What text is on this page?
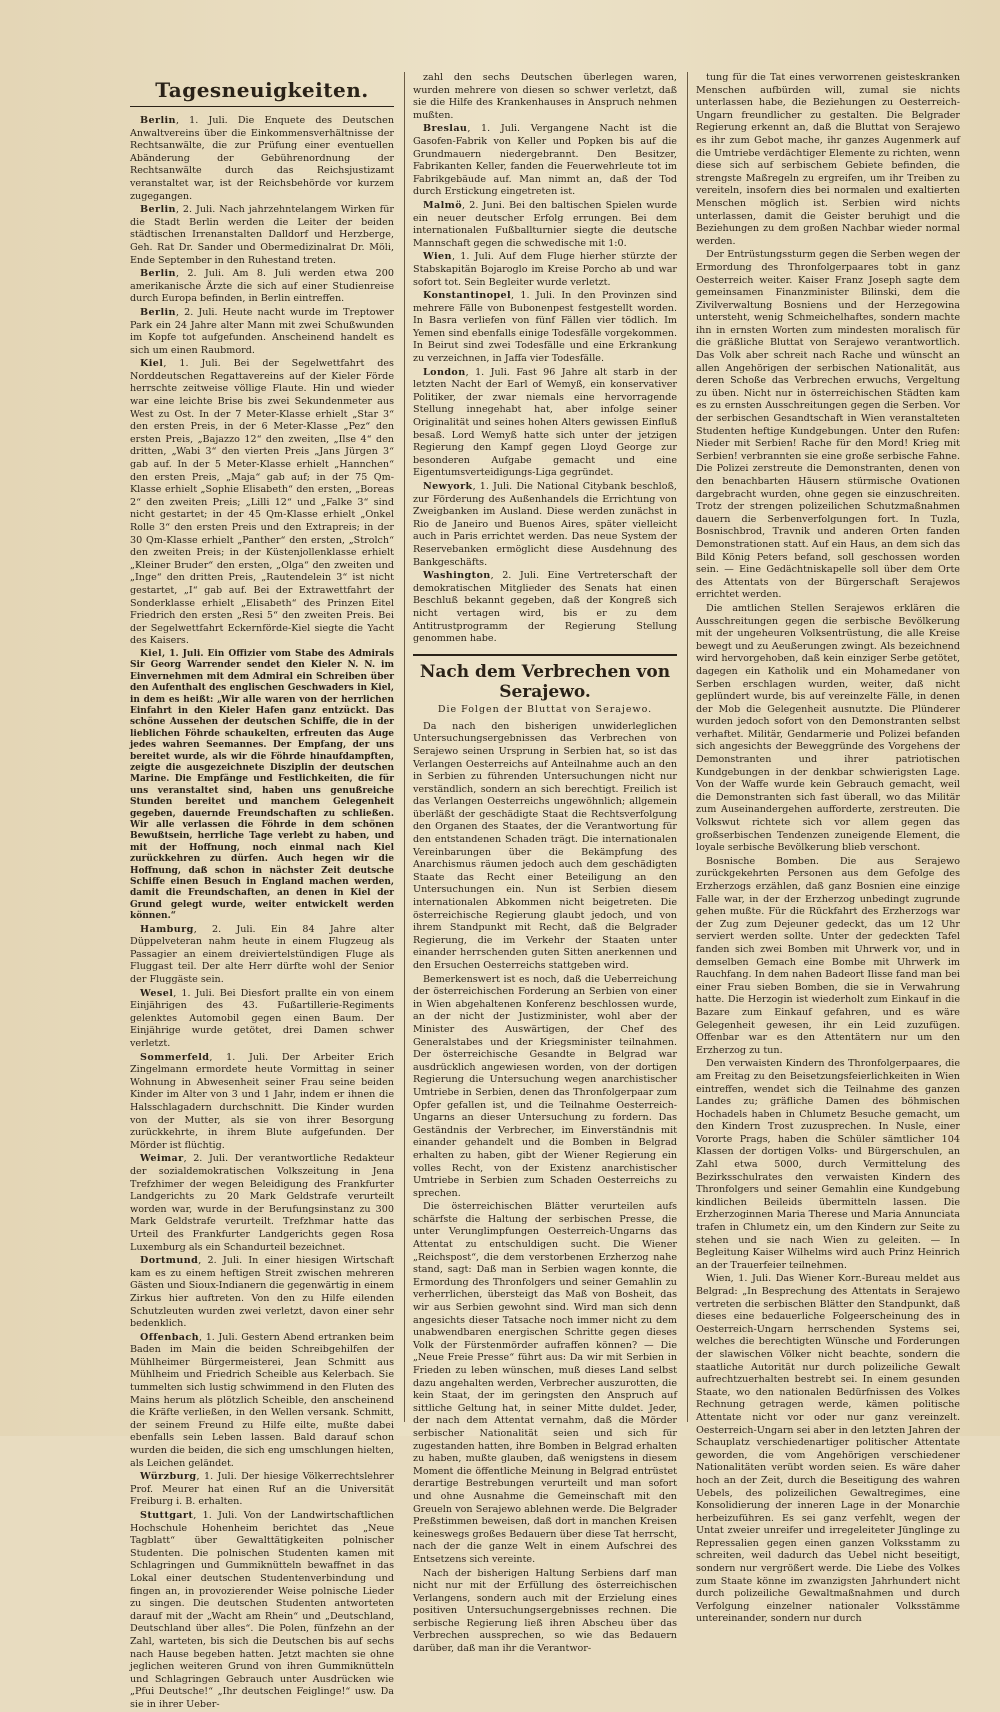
Tagesneuigkeiten.

Berlin, 1. Juli. Die Enquete des Deutschen Anwaltvereins über die Einkommensverhältnisse der Rechtsanwälte, die zur Prüfung einer eventuellen Abänderung der Gebührenordnung der Rechtsanwälte durch das Reichsjustizamt veranstaltet war, ist der Reichsbehörde vor kurzem zugegangen.

Berlin, 2. Juli. Nach jahrzehntelangem Wirken für die Stadt Berlin werden die Leiter der beiden städtischen Irrenanstalten Dalldorf und Herzberge, Geh. Rat Dr. Sander und Obermedizinalrat Dr. Möli, Ende September in den Ruhestand treten.

Berlin, 2. Juli. Am 8. Juli werden etwa 200 amerikanische Ärzte die sich auf einer Studienreise durch Europa befinden, in Berlin eintreffen.

Berlin, 2. Juli. Heute nacht wurde im Treptower Park ein 24 Jahre alter Mann mit zwei Schußwunden im Kopfe tot aufgefunden. Anscheinend handelt es sich um einen Raubmord.

Kiel, 1. Juli. Bei der Segelwettfahrt des Norddeutschen Regattavereins auf der Kieler Förde herrschte zeitweise völlige Flaute. Hin und wieder war eine leichte Brise bis zwei Sekundenmeter aus West zu Ost. In der 7 Meter-Klasse erhielt „Star 3“ den ersten Preis, in der 6 Meter-Klasse „Pez“ den ersten Preis, „Bajazzo 12“ den zweiten, „Ilse 4“ den dritten, „Wabi 3“ den vierten Preis „Jans Jürgen 3“ gab auf. In der 5 Meter-Klasse erhielt „Hannchen“ den ersten Preis, „Maja“ gab auf; in der 75 Qm-Klasse erhielt „Sophie Elisabeth“ den ersten, „Boreas 2“ den zweiten Preis; „Lilli 12“ und „Falke 3“ sind nicht gestartet; in der 45 Qm-Klasse erhielt „Onkel Rolle 3“ den ersten Preis und den Extrapreis; in der 30 Qm-Klasse erhielt „Panther“ den ersten, „Strolch“ den zweiten Preis; in der Küstenjollenklasse erhielt „Kleiner Bruder“ den ersten, „Olga“ den zweiten und „Inge“ den dritten Preis, „Rautendelein 3“ ist nicht gestartet, „I“ gab auf. Bei der Extrawettfahrt der Sonderklasse erhielt „Elisabeth“ des Prinzen Eitel Friedrich den ersten „Resi 5“ den zweiten Preis. Bei der Segelwettfahrt Eckernförde-Kiel siegte die Yacht des Kaisers.

Kiel, 1. Juli. Ein Offizier vom Stabe des Admirals Sir Georg Warrender sendet den Kieler N. N. im Einvernehmen mit dem Admiral ein Schreiben über den Aufenthalt des englischen Geschwaders in Kiel, in dem es heißt: „Wir alle waren von der herrlichen Einfahrt in den Kieler Hafen ganz entzückt. Das schöne Aussehen der deutschen Schiffe, die in der lieblichen Föhrde schaukelten, erfreuten das Auge jedes wahren Seemannes. Der Empfang, der uns bereitet wurde, als wir die Föhrde hinaufdampften, zeigte die ausgezeichnete Disziplin der deutschen Marine. Die Empfänge und Festlichkeiten, die für uns veranstaltet sind, haben uns genußreiche Stunden bereitet und manchem Gelegenheit gegeben, dauernde Freundschaften zu schließen. Wir alle verlassen die Föhrde in dem schönen Bewußtsein, herrliche Tage verlebt zu haben, und mit der Hoffnung, noch einmal nach Kiel zurückkehren zu dürfen. Auch hegen wir die Hoffnung, daß schon in nächster Zeit deutsche Schiffe einen Besuch in England machen werden, damit die Freundschaften, an denen in Kiel der Grund gelegt wurde, weiter entwickelt werden können.“

Hamburg, 2. Juli. Ein 84 Jahre alter Düppelveteran nahm heute in einem Flugzeug als Passagier an einem dreiviertelstündigen Fluge als Fluggast teil. Der alte Herr dürfte wohl der Senior der Fluggäste sein.

Wesel, 1. Juli. Bei Diesfort prallte ein von einem Einjährigen des 43. Fußartillerie-Regiments gelenktes Automobil gegen einen Baum. Der Einjährige wurde getötet, drei Damen schwer verletzt.

Sommerfeld, 1. Juli. Der Arbeiter Erich Zingelmann ermordete heute Vormittag in seiner Wohnung in Abwesenheit seiner Frau seine beiden Kinder im Alter von 3 und 1 Jahr, indem er ihnen die Halsschlagadern durchschnitt. Die Kinder wurden von der Mutter, als sie von ihrer Besorgung zurückkehrte, in ihrem Blute aufgefunden. Der Mörder ist flüchtig.

Weimar, 2. Juli. Der verantwortliche Redakteur der sozialdemokratischen Volkszeitung in Jena Trefzhimer der wegen Beleidigung des Frankfurter Landgerichts zu 20 Mark Geldstrafe verurteilt worden war, wurde in der Berufungsinstanz zu 300 Mark Geldstrafe verurteilt. Trefzhmar hatte das Urteil des Frankfurter Landgerichts gegen Rosa Luxemburg als ein Schandurteil bezeichnet.

Dortmund, 2. Juli. In einer hiesigen Wirtschaft kam es zu einem heftigen Streit zwischen mehreren Gästen und Sioux-Indianern die gegenwärtig in einem Zirkus hier auftreten. Von den zu Hilfe eilenden Schutzleuten wurden zwei verletzt, davon einer sehr bedenklich.

Offenbach, 1. Juli. Gestern Abend ertranken beim Baden im Main die beiden Schreibgehilfen der Mühlheimer Bürgermeisterei, Jean Schmitt aus Mühlheim und Friedrich Scheible aus Kelerbach. Sie tummelten sich lustig schwimmend in den Fluten des Mains herum als plötzlich Scheible, den anscheinend die Kräfte verließen, in den Wellen versank. Schmitt, der seinem Freund zu Hilfe eilte, mußte dabei ebenfalls sein Leben lassen. Bald darauf schon wurden die beiden, die sich eng umschlungen hielten, als Leichen geländet.

Würzburg, 1. Juli. Der hiesige Völkerrechtslehrer Prof. Meurer hat einen Ruf an die Universität Freiburg i. B. erhalten.

Stuttgart, 1. Juli. Von der Landwirtschaftlichen Hochschule Hohenheim berichtet das „Neue Tagblatt“ über Gewalttätigkeiten polnischer Studenten. Die polnischen Studenten kamen mit Schlagringen und Gummiknütteln bewaffnet in das Lokal einer deutschen Studentenverbindung und fingen an, in provozierender Weise polnische Lieder zu singen. Die deutschen Studenten antworteten darauf mit der „Wacht am Rhein“ und „Deutschland, Deutschland über alles“. Die Polen, fünfzehn an der Zahl, warteten, bis sich die Deutschen bis auf sechs nach Hause begeben hatten. Jetzt machten sie ohne jeglichen weiteren Grund von ihren Gummiknütteln und Schlagringen Gebrauch unter Ausdrücken wie „Pfui Deutsche!“ „Ihr deutschen Feiglinge!“ usw. Da sie in ihrer Ueber-

zahl den sechs Deutschen überlegen waren, wurden mehrere von diesen so schwer verletzt, daß sie die Hilfe des Krankenhauses in Anspruch nehmen mußten.

Breslau, 1. Juli. Vergangene Nacht ist die Gasofen-Fabrik von Keller und Popken bis auf die Grundmauern niedergebrannt. Den Besitzer, Fabrikanten Keller, fanden die Feuerwehrleute tot im Fabrikgebäude auf. Man nimmt an, daß der Tod durch Erstickung eingetreten ist.

Malmö, 2. Juni. Bei den baltischen Spielen wurde ein neuer deutscher Erfolg errungen. Bei dem internationalen Fußballturnier siegte die deutsche Mannschaft gegen die schwedische mit 1:0.

Wien, 1. Juli. Auf dem Fluge hierher stürzte der Stabskapitän Bojaroglo im Kreise Porcho ab und war sofort tot. Sein Begleiter wurde verletzt.

Konstantinopel, 1. Juli. In den Provinzen sind mehrere Fälle von Bubonenpest festgestellt worden. In Basra verliefen von fünf Fällen vier tödlich. Im Yemen sind ebenfalls einige Todesfälle vorgekommen. In Beirut sind zwei Todesfälle und eine Erkrankung zu verzeichnen, in Jaffa vier Todesfälle.

London, 1. Juli. Fast 96 Jahre alt starb in der letzten Nacht der Earl of Wemyß, ein konservativer Politiker, der zwar niemals eine hervorragende Stellung innegehabt hat, aber infolge seiner Originalität und seines hohen Alters gewissen Einfluß besaß. Lord Wemyß hatte sich unter der jetzigen Regierung den Kampf gegen Lloyd George zur besonderen Aufgabe gemacht und eine Eigentumsverteidigungs-Liga gegründet.

Newyork, 1. Juli. Die National Citybank beschloß, zur Förderung des Außenhandels die Errichtung von Zweigbanken im Ausland. Diese werden zunächst in Rio de Janeiro und Buenos Aires, später vielleicht auch in Paris errichtet werden. Das neue System der Reservebanken ermöglicht diese Ausdehnung des Bankgeschäfts.

Washington, 2. Juli. Eine Vertreterschaft der demokratischen Mitglieder des Senats hat einen Beschluß bekannt gegeben, daß der Kongreß sich nicht vertagen wird, bis er zu dem Antitrustprogramm der Regierung Stellung genommen habe.

Nach dem Verbrechen von Serajewo.
Die Folgen der Bluttat von Serajewo.

Da nach den bisherigen unwiderleglichen Untersuchungsergebnissen das Verbrechen von Serajewo seinen Ursprung in Serbien hat, so ist das Verlangen Oesterreichs auf Anteilnahme auch an den in Serbien zu führenden Untersuchungen nicht nur verständlich, sondern an sich berechtigt. Freilich ist das Verlangen Oesterreichs ungewöhnlich; allgemein überläßt der geschädigte Staat die Rechtsverfolgung den Organen des Staates, der die Verantwortung für den entstandenen Schaden trägt. Die internationalen Vereinbarungen über die Bekämpfung des Anarchismus räumen jedoch auch dem geschädigten Staate das Recht einer Beteiligung an den Untersuchungen ein. Nun ist Serbien diesem internationalen Abkommen nicht beigetreten. Die österreichische Regierung glaubt jedoch, und von ihrem Standpunkt mit Recht, daß die Belgrader Regierung, die im Verkehr der Staaten unter einander herrschenden guten Sitten anerkennen und den Ersuchen Oesterreichs stattgeben wird.

Bemerkenswert ist es noch, daß die Ueberreichung der österreichischen Forderung an Serbien von einer in Wien abgehaltenen Konferenz beschlossen wurde, an der nicht der Justizminister, wohl aber der Minister des Auswärtigen, der Chef des Generalstabes und der Kriegsminister teilnahmen. Der österreichische Gesandte in Belgrad war ausdrücklich angewiesen worden, von der dortigen Regierung die Untersuchung wegen anarchistischer Umtriebe in Serbien, denen das Thronfolgerpaar zum Opfer gefallen ist, und die Teilnahme Oesterreich-Ungarns an dieser Untersuchung zu fordern. Das Geständnis der Verbrecher, im Einverständnis mit einander gehandelt und die Bomben in Belgrad erhalten zu haben, gibt der Wiener Regierung ein volles Recht, von der Existenz anarchistischer Umtriebe in Serbien zum Schaden Oesterreichs zu sprechen.

Die österreichischen Blätter verurteilen aufs schärfste die Haltung der serbischen Presse, die unter Verunglimpfungen Oesterreich-Ungarns das Attentat zu entschuldigen sucht. Die Wiener „Reichspost“, die dem verstorbenen Erzherzog nahe stand, sagt: Daß man in Serbien wagen konnte, die Ermordung des Thronfolgers und seiner Gemahlin zu verherrlichen, übersteigt das Maß von Bosheit, das wir aus Serbien gewohnt sind. Wird man sich denn angesichts dieser Tatsache noch immer nicht zu dem unabwendbaren energischen Schritte gegen dieses Volk der Fürstenmörder aufraffen können? — Die „Neue Freie Presse“ führt aus: Da wir mit Serbien in Frieden zu leben wünschen, muß dieses Land selbst dazu angehalten werden, Verbrecher auszurotten, die kein Staat, der im geringsten den Anspruch auf sittliche Geltung hat, in seiner Mitte duldet. Jeder, der nach dem Attentat vernahm, daß die Mörder serbischer Nationalität seien und sich für zugestanden hatten, ihre Bomben in Belgrad erhalten zu haben, mußte glauben, daß wenigstens in diesem Moment die öffentliche Meinung in Belgrad entrüstet derartige Bestrebungen verurteilt und man sofort und ohne Ausnahme die Gemeinschaft mit den Greueln von Serajewo ablehnen werde. Die Belgrader Preßstimmen beweisen, daß dort in manchen Kreisen keineswegs großes Bedauern über diese Tat herrscht, nach der die ganze Welt in einem Aufschrei des Entsetzens sich vereinte.

Nach der bisherigen Haltung Serbiens darf man nicht nur mit der Erfüllung des österreichischen Verlangens, sondern auch mit der Erzielung eines positiven Untersuchungsergebnisses rechnen. Die serbische Regierung ließ ihren Abscheu über das Verbrechen aussprechen, so wie das Bedauern darüber, daß man ihr die Verantwor-

tung für die Tat eines verworrenen geisteskranken Menschen aufbürden will, zumal sie nichts unterlassen habe, die Beziehungen zu Oesterreich-Ungarn freundlicher zu gestalten. Die Belgrader Regierung erkennt an, daß die Bluttat von Serajewo es ihr zum Gebot mache, ihr ganzes Augenmerk auf die Umtriebe verdächtiger Elemente zu richten, wenn diese sich auf serbischem Gebiete befinden, die strengste Maßregeln zu ergreifen, um ihr Treiben zu vereiteln, insofern dies bei normalen und exaltierten Menschen möglich ist. Serbien wird nichts unterlassen, damit die Geister beruhigt und die Beziehungen zu dem großen Nachbar wieder normal werden.

Der Entrüstungssturm gegen die Serben wegen der Ermordung des Thronfolgerpaares tobt in ganz Oesterreich weiter. Kaiser Franz Joseph sagte dem gemeinsamen Finanzminister Bilinski, dem die Zivilverwaltung Bosniens und der Herzegowina untersteht, wenig Schmeichelhaftes, sondern machte ihn in ernsten Worten zum mindesten moralisch für die gräßliche Bluttat von Serajewo verantwortlich. Das Volk aber schreit nach Rache und wünscht an allen Angehörigen der serbischen Nationalität, aus deren Schoße das Verbrechen erwuchs, Vergeltung zu üben. Nicht nur in österreichischen Städten kam es zu ernsten Ausschreitungen gegen die Serben. Vor der serbischen Gesandtschaft in Wien veranstalteten Studenten heftige Kundgebungen. Unter den Rufen: Nieder mit Serbien! Rache für den Mord! Krieg mit Serbien! verbrannten sie eine große serbische Fahne. Die Polizei zerstreute die Demonstranten, denen von den benachbarten Häusern stürmische Ovationen dargebracht wurden, ohne gegen sie einzuschreiten. Trotz der strengen polizeilichen Schutzmaßnahmen dauern die Serbenverfolgungen fort. In Tuzla, Bosnischbrod, Travnik und anderen Orten fanden Demonstrationen statt. Auf ein Haus, an dem sich das Bild König Peters befand, soll geschossen worden sein. — Eine Gedächtniskapelle soll über dem Orte des Attentats von der Bürgerschaft Serajewos errichtet werden.

Die amtlichen Stellen Serajewos erklären die Ausschreitungen gegen die serbische Bevölkerung mit der ungeheuren Volksentrüstung, die alle Kreise bewegt und zu Aeußerungen zwingt. Als bezeichnend wird hervorgehoben, daß kein einziger Serbe getötet, dagegen ein Katholik und ein Mohamedaner von Serben erschlagen wurden, weiter, daß nicht geplündert wurde, bis auf vereinzelte Fälle, in denen der Mob die Gelegenheit ausnutzte. Die Plünderer wurden jedoch sofort von den Demonstranten selbst verhaftet. Militär, Gendarmerie und Polizei befanden sich angesichts der Beweggründe des Vorgehens der Demonstranten und ihrer patriotischen Kundgebungen in der denkbar schwierigsten Lage. Von der Waffe wurde kein Gebrauch gemacht, weil die Demonstranten sich fast überall, wo das Militär zum Auseinandergehen aufforderte, zerstreuten. Die Volkswut richtete sich vor allem gegen das großserbischen Tendenzen zuneigende Element, die loyale serbische Bevölkerung blieb verschont.

Bosnische Bomben. Die aus Serajewo zurückgekehrten Personen aus dem Gefolge des Erzherzogs erzählen, daß ganz Bosnien eine einzige Falle war, in der der Erzherzog unbedingt zugrunde gehen mußte. Für die Rückfahrt des Erzherzogs war der Zug zum Dejeuner gedeckt, das um 12 Uhr serviert werden sollte. Unter der gedeckten Tafel fanden sich zwei Bomben mit Uhrwerk vor, und in demselben Gemach eine Bombe mit Uhrwerk im Rauchfang. In dem nahen Badeort Ilisse fand man bei einer Frau sieben Bomben, die sie in Verwahrung hatte. Die Herzogin ist wiederholt zum Einkauf in die Bazare zum Einkauf gefahren, und es wäre Gelegenheit gewesen, ihr ein Leid zuzufügen. Offenbar war es den Attentätern nur um den Erzherzog zu tun.

Den verwaisten Kindern des Thronfolgerpaares, die am Freitag zu den Beisetzungsfeierlichkeiten in Wien eintreffen, wendet sich die Teilnahme des ganzen Landes zu; gräfliche Damen des böhmischen Hochadels haben in Chlumetz Besuche gemacht, um den Kindern Trost zuzusprechen. In Nusle, einer Vororte Prags, haben die Schüler sämtlicher 104 Klassen der dortigen Volks- und Bürgerschulen, an Zahl etwa 5000, durch Vermittelung des Bezirksschulrates den verwaisten Kindern des Thronfolgers und seiner Gemahlin eine Kundgebung kindlichen Beileids übermitteln lassen. Die Erzherzoginnen Maria Therese und Maria Annunciata trafen in Chlumetz ein, um den Kindern zur Seite zu stehen und sie nach Wien zu geleiten. — In Begleitung Kaiser Wilhelms wird auch Prinz Heinrich an der Trauerfeier teilnehmen.

Wien, 1. Juli. Das Wiener Korr.-Bureau meldet aus Belgrad: „In Besprechung des Attentats in Serajewo vertreten die serbischen Blätter den Standpunkt, daß dieses eine bedauerliche Folgeerscheinung des in Oesterreich-Ungarn herrschenden Systems sei, welches die berechtigten Wünsche und Forderungen der slawischen Völker nicht beachte, sondern die staatliche Autorität nur durch polizeiliche Gewalt aufrechtzuerhalten bestrebt sei. In einem gesunden Staate, wo den nationalen Bedürfnissen des Volkes Rechnung getragen werde, kämen politische Attentate nicht vor oder nur ganz vereinzelt. Oesterreich-Ungarn sei aber in den letzten Jahren der Schauplatz verschiedenartiger politischer Attentate geworden, die vom Angehörigen verschiedener Nationalitäten verübt worden seien. Es wäre daher hoch an der Zeit, durch die Beseitigung des wahren Uebels, des polizeilichen Gewaltregimes, eine Konsolidierung der inneren Lage in der Monarchie herbeizuführen. Es sei ganz verfehlt, wegen der Untat zweier unreifer und irregeleiteter Jünglinge zu Repressalien gegen einen ganzen Volksstamm zu schreiten, weil dadurch das Uebel nicht beseitigt, sondern nur vergrößert werde. Die Liebe des Volkes zum Staate könne im zwanzigsten Jahrhundert nicht durch polizeiliche Gewaltmaßnahmen und durch Verfolgung einzelner nationaler Volksstämme untereinander, sondern nur durch
